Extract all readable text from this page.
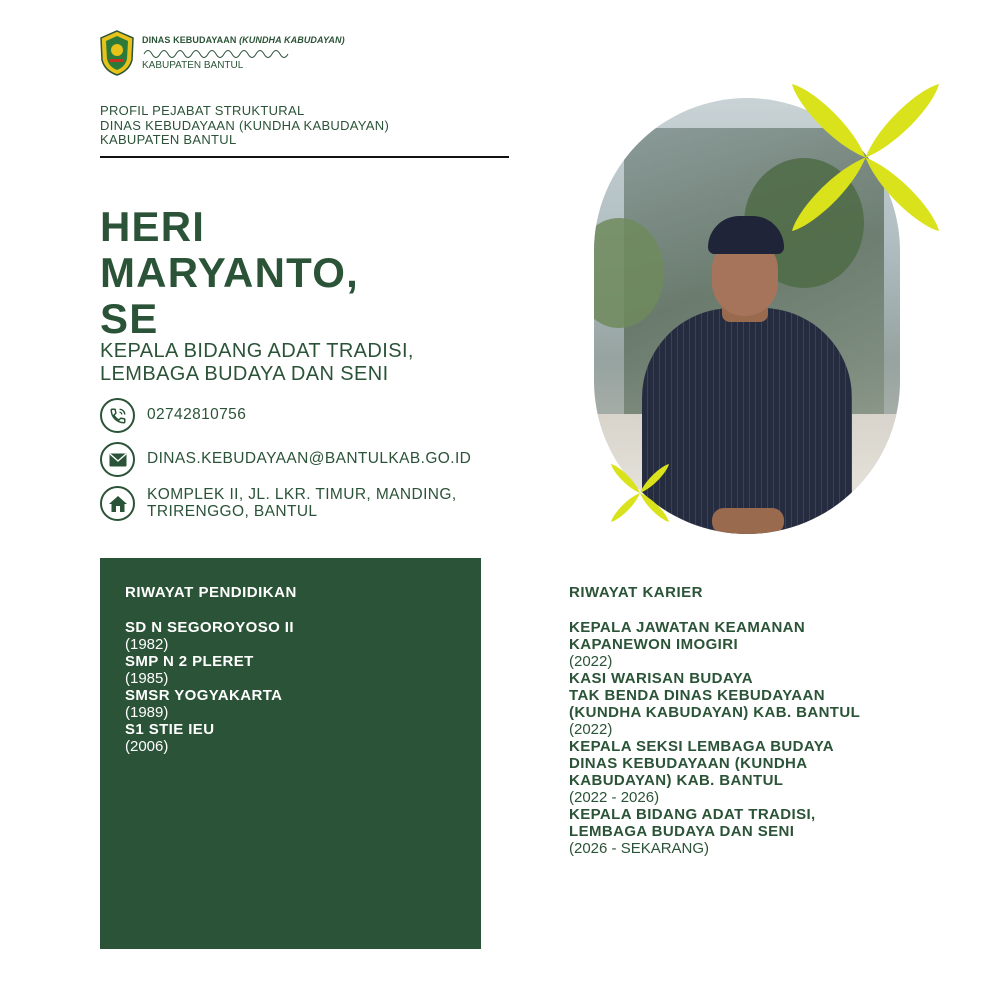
DINAS KEBUDAYAAN (KUNDHA KABUDAYAN)
KABUPATEN BANTUL
PROFIL PEJABAT STRUKTURAL
DINAS KEBUDAYAAN (KUNDHA KABUDAYAN)
KABUPATEN BANTUL
HERI
MARYANTO,
SE
KEPALA BIDANG ADAT TRADISI,
LEMBAGA BUDAYA DAN SENI
02742810756
DINAS.KEBUDAYAAN@BANTULKAB.GO.ID
KOMPLEK II, JL. LKR. TIMUR, MANDING,
TRIRENGGO, BANTUL
RIWAYAT PENDIDIKAN
SD N SEGOROYOSO II
(1982)
SMP N 2 PLERET
(1985)
SMSR YOGYAKARTA
(1989)
S1 STIE IEU
(2006)
RIWAYAT KARIER
KEPALA JAWATAN KEAMANAN
KAPANEWON IMOGIRI
(2022)
KASI WARISAN BUDAYA
TAK BENDA DINAS KEBUDAYAAN
(KUNDHA KABUDAYAN) KAB. BANTUL
(2022)
KEPALA SEKSI LEMBAGA BUDAYA
DINAS KEBUDAYAAN (KUNDHA
KABUDAYAN) KAB. BANTUL
(2022 - 2026)
KEPALA BIDANG ADAT TRADISI,
LEMBAGA BUDAYA DAN SENI
(2026 - SEKARANG)
